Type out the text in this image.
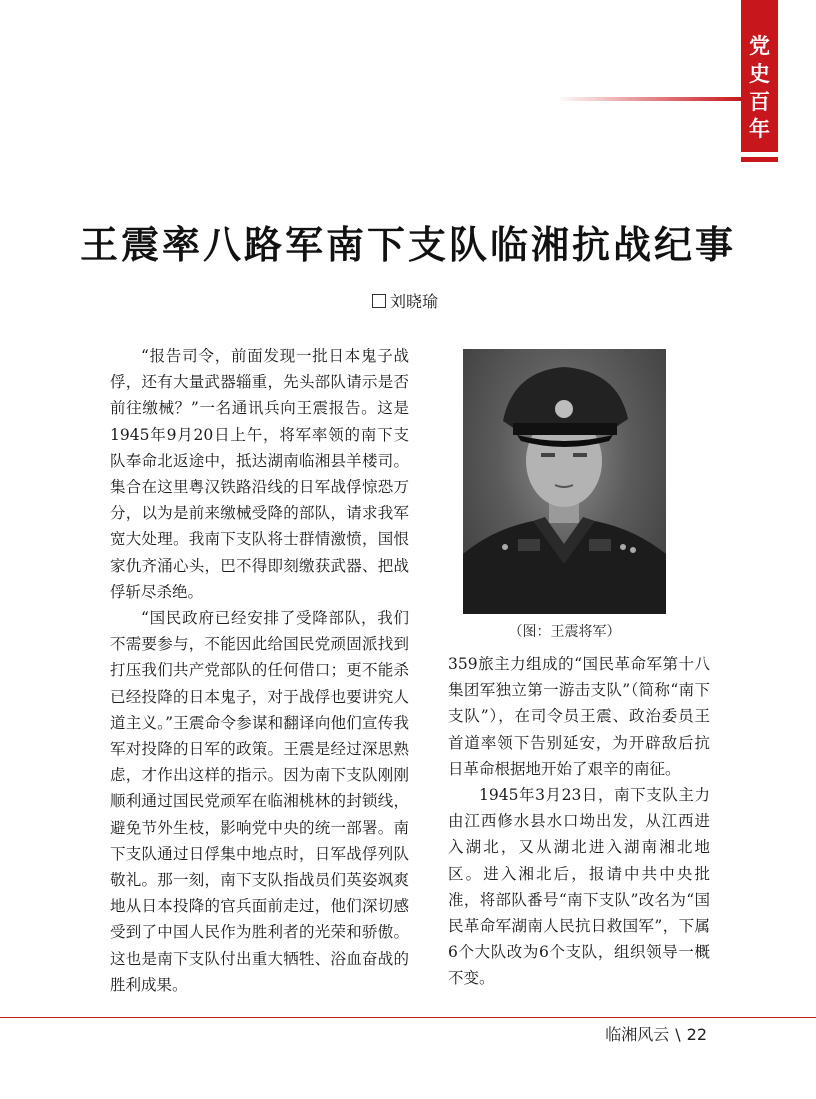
党
史
百
年
王震率八路军南下支队临湘抗战纪事
刘晓瑜

“报告司令，前面发现一批日本鬼子战俘，还有大量武器辎重，先头部队请示是否前往缴械？”一名通讯兵向王震报告。这是1945年9月20日上午，将军率领的南下支队奉命北返途中，抵达湖南临湘县羊楼司。集合在这里粤汉铁路沿线的日军战俘惊恐万分，以为是前来缴械受降的部队，请求我军宽大处理。我南下支队将士群情激愤，国恨家仇齐涌心头，巴不得即刻缴获武器、把战俘斩尽杀绝。

“国民政府已经安排了受降部队，我们不需要参与，不能因此给国民党顽固派找到打压我们共产党部队的任何借口；更不能杀已经投降的日本鬼子，对于战俘也要讲究人道主义。”王震命令参谋和翻译向他们宣传我军对投降的日军的政策。王震是经过深思熟虑，才作出这样的指示。因为南下支队刚刚顺利通过国民党顽军在临湘桃林的封锁线，避免节外生枝，影响党中央的统一部署。南下支队通过日俘集中地点时，日军战俘列队敬礼。那一刻，南下支队指战员们英姿飒爽地从日本投降的官兵面前走过，他们深切感受到了中国人民作为胜利者的光荣和骄傲。这也是南下支队付出重大牺牲、浴血奋战的胜利成果。

（图：王震将军）

359旅主力组成的“国民革命军第十八集团军独立第一游击支队”（简称“南下支队”），在司令员王震、政治委员王首道率领下告别延安，为开辟敌后抗日革命根据地开始了艰辛的南征。

1945年3月23日，南下支队主力由江西修水县水口坳出发，从江西进入湖北，又从湖北进入湖南湘北地区。进入湘北后，报请中共中央批准，将部队番号“南下支队”改名为“国民革命军湖南人民抗日救国军”，下属6个大队改为6个支队，组织领导一概不变。

临湘风云 \ 22
